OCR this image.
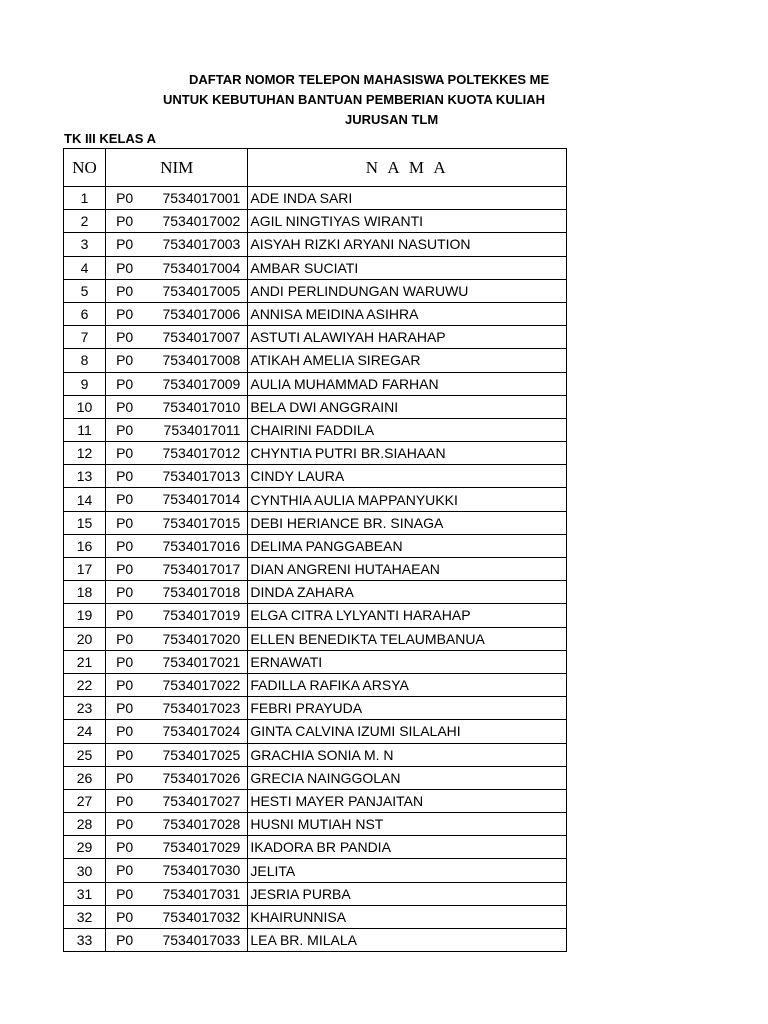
DAFTAR NOMOR TELEPON MAHASISWA POLTEKKES ME
UNTUK KEBUTUHAN BANTUAN PEMBERIAN KUOTA KULIAH
JURUSAN TLM
TK III KELAS A
NO	NIM	N A M A
1	P0 7534017001	ADE INDA SARI
2	P0 7534017002	AGIL NINGTIYAS WIRANTI
3	P0 7534017003	AISYAH RIZKI ARYANI NASUTION
4	P0 7534017004	AMBAR SUCIATI
5	P0 7534017005	ANDI PERLINDUNGAN WARUWU
6	P0 7534017006	ANNISA MEIDINA ASIHRA
7	P0 7534017007	ASTUTI ALAWIYAH HARAHAP
8	P0 7534017008	ATIKAH AMELIA SIREGAR
9	P0 7534017009	AULIA MUHAMMAD FARHAN
10	P0 7534017010	BELA DWI ANGGRAINI
11	P0 7534017011	CHAIRINI FADDILA
12	P0 7534017012	CHYNTIA PUTRI BR.SIAHAAN
13	P0 7534017013	CINDY LAURA
14	P0 7534017014	CYNTHIA AULIA MAPPANYUKKI
15	P0 7534017015	DEBI HERIANCE BR. SINAGA
16	P0 7534017016	DELIMA PANGGABEAN
17	P0 7534017017	DIAN ANGRENI HUTAHAEAN
18	P0 7534017018	DINDA ZAHARA
19	P0 7534017019	ELGA CITRA LYLYANTI HARAHAP
20	P0 7534017020	ELLEN BENEDIKTA TELAUMBANUA
21	P0 7534017021	ERNAWATI
22	P0 7534017022	FADILLA RAFIKA ARSYA
23	P0 7534017023	FEBRI PRAYUDA
24	P0 7534017024	GINTA CALVINA IZUMI SILALAHI
25	P0 7534017025	GRACHIA SONIA M. N
26	P0 7534017026	GRECIA NAINGGOLAN
27	P0 7534017027	HESTI MAYER PANJAITAN
28	P0 7534017028	HUSNI MUTIAH NST
29	P0 7534017029	IKADORA BR PANDIA
30	P0 7534017030	JELITA
31	P0 7534017031	JESRIA PURBA
32	P0 7534017032	KHAIRUNNISA
33	P0 7534017033	LEA BR. MILALA
